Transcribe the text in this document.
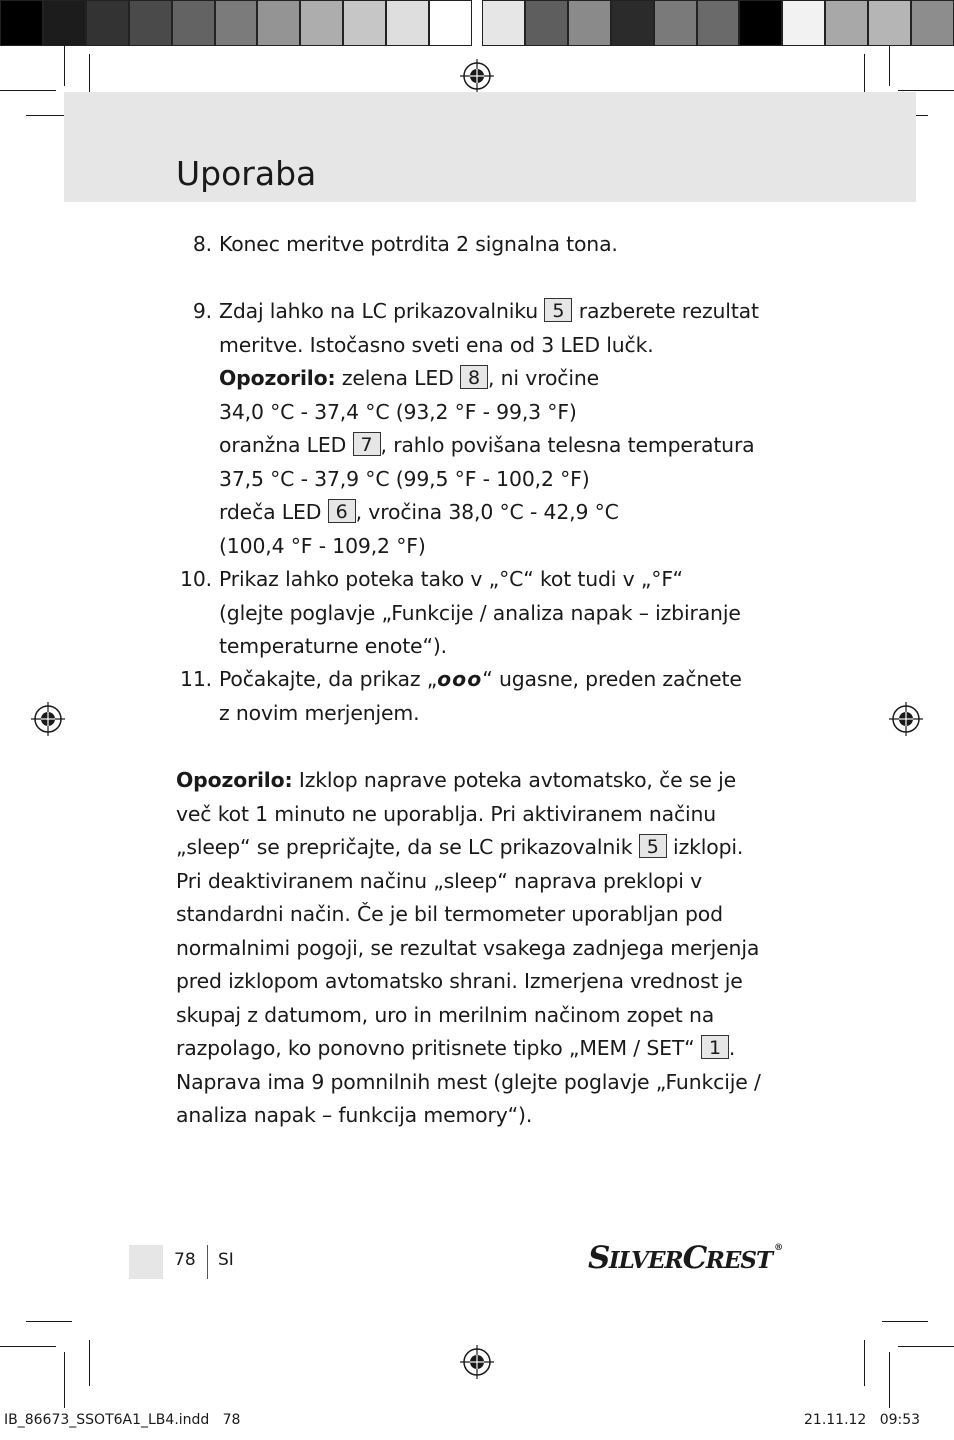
Uporaba
8. Konec meritve potrdita 2 signalna tona.
9. Zdaj lahko na LC prikazovalniku 5 razberete rezultat
meritve. Istočasno sveti ena od 3 LED lučk.
Opozorilo: zelena LED 8 , ni vročine
34,0 °C - 37,4 °C (93,2 °F - 99,3 °F)
oranžna LED 7 , rahlo povišana telesna temperatura
37,5 °C - 37,9 °C (99,5 °F - 100,2 °F)
rdeča LED 6 , vročina 38,0 °C - 42,9 °C
(100,4 °F - 109,2 °F)
10. Prikaz lahko poteka tako v „°C“ kot tudi v „°F“
(glejte poglavje „Funkcije / analiza napak – izbiranje
temperaturne enote“).
11. Počakajte, da prikaz „ooo“ ugasne, preden začnete
z novim merjenjem.
Opozorilo: Izklop naprave poteka avtomatsko, če se je
več kot 1 minuto ne uporablja. Pri aktiviranem načinu
„sleep“ se prepričajte, da se LC prikazovalnik 5 izklopi.
Pri deaktiviranem načinu „sleep“ naprava preklopi v
standardni način. Če je bil termometer uporabljan pod
normalnimi pogoji, se rezultat vsakega zadnjega merjenja
pred izklopom avtomatsko shrani. Izmerjena vrednost je
skupaj z datumom, uro in merilnim načinom zopet na
razpolago, ko ponovno pritisnete tipko „MEM / SET“ 1 .
Naprava ima 9 pomnilnih mest (glejte poglavje „Funkcije /
analiza napak – funkcija memory“).
78 SI	SILVERCREST ®
IB_86673_SSOT6A1_LB4.indd   78	21.11.12   09:53
